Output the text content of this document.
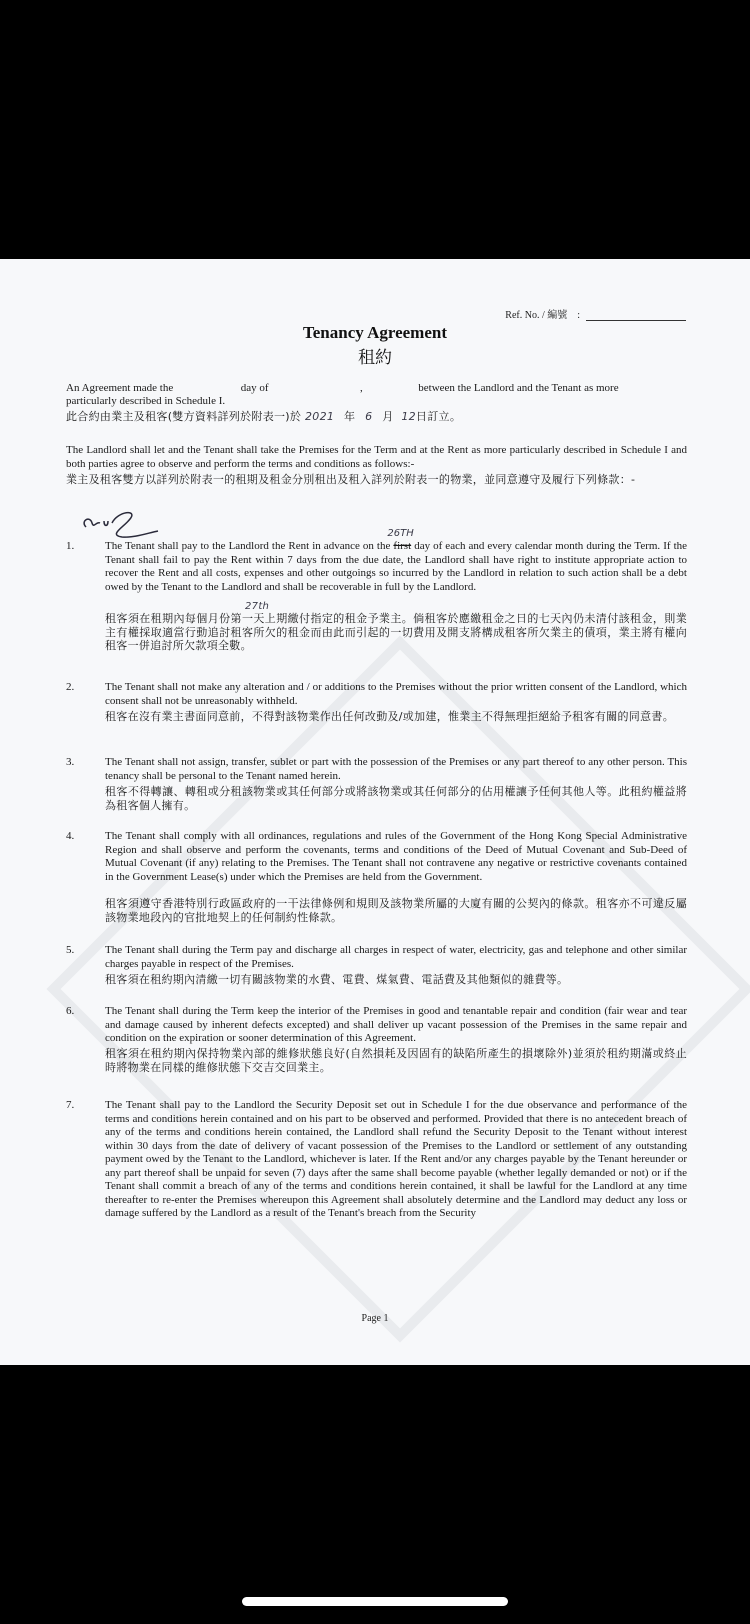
Ref. No. / 編號　:
Tenancy Agreement
租約
An Agreement made the	day of	,	between the Landlord and the Tenant as more
particularly described in Schedule I.
此合約由業主及租客(雙方資料詳列於附表一)於 2021 年 6 月 12日訂立。
The Landlord shall let and the Tenant shall take the Premises for the Term and at the Rent as more particularly described in Schedule I and both parties agree to observe and perform the terms and conditions as follows:-
業主及租客雙方以詳列於附表一的租期及租金分別租出及租入詳列於附表一的物業，並同意遵守及履行下列條款：-
1.	The Tenant shall pay to the Landlord the Rent in advance on the first
26TH
day of each and every calendar month during the Term. If the Tenant shall fail to pay the Rent within 7 days from the due date, the Landlord shall have right to institute appropriate action to recover the Rent and all costs, expenses and other outgoings so incurred by the Landlord in relation to such action shall be a debt owed by the Tenant to the Landlord and shall be recoverable in full by the Landlord.
27th
租客須在租期內每個月份第一天上期繳付指定的租金予業主。倘租客於應繳租金之日的七天內仍未清付該租金，則業主有權採取適當行動追討租客所欠的租金而由此而引起的一切費用及開支將構成租客所欠業主的債項，業主將有權向租客一併追討所欠款項全數。
2.	The Tenant shall not make any alteration and / or additions to the Premises without the prior written consent of the Landlord, which consent shall not be unreasonably withheld.
租客在沒有業主書面同意前，不得對該物業作出任何改動及/或加建，惟業主不得無理拒絕給予租客有關的同意書。
3.	The Tenant shall not assign, transfer, sublet or part with the possession of the Premises or any part thereof to any other person. This tenancy shall be personal to the Tenant named herein.
租客不得轉讓、轉租或分租該物業或其任何部分或將該物業或其任何部分的佔用權讓予任何其他人等。此租約權益將為租客個人擁有。
4.	The Tenant shall comply with all ordinances, regulations and rules of the Government of the Hong Kong Special Administrative Region and shall observe and perform the covenants, terms and conditions of the Deed of Mutual Covenant and Sub-Deed of Mutual Covenant (if any) relating to the Premises. The Tenant shall not contravene any negative or restrictive covenants contained in the Government Lease(s) under which the Premises are held from the Government.
租客須遵守香港特別行政區政府的一干法律條例和規則及該物業所屬的大廈有關的公契內的條款。租客亦不可違反屬該物業地段內的官批地契上的任何制約性條款。
5.	The Tenant shall during the Term pay and discharge all charges in respect of water, electricity, gas and telephone and other similar charges payable in respect of the Premises.
租客須在租約期內清繳一切有關該物業的水費、電費、煤氣費、電話費及其他類似的雜費等。
6.	The Tenant shall during the Term keep the interior of the Premises in good and tenantable repair and condition (fair wear and tear and damage caused by inherent defects excepted) and shall deliver up vacant possession of the Premises in the same repair and condition on the expiration or sooner determination of this Agreement.
租客須在租約期內保持物業內部的維修狀態良好(自然損耗及因固有的缺陷所產生的損壞除外)並須於租約期滿或終止時將物業在同樣的維修狀態下交吉交回業主。
7.	The Tenant shall pay to the Landlord the Security Deposit set out in Schedule I for the due observance and performance of the terms and conditions herein contained and on his part to be observed and performed. Provided that there is no antecedent breach of any of the terms and conditions herein contained, the Landlord shall refund the Security Deposit to the Tenant without interest within 30 days from the date of delivery of vacant possession of the Premises to the Landlord or settlement of any outstanding payment owed by the Tenant to the Landlord, whichever is later. If the Rent and/or any charges payable by the Tenant hereunder or any part thereof shall be unpaid for seven (7) days after the same shall become payable (whether legally demanded or not) or if the Tenant shall commit a breach of any of the terms and conditions herein contained, it shall be lawful for the Landlord at any time thereafter to re-enter the Premises whereupon this Agreement shall absolutely determine and the Landlord may deduct any loss or damage suffered by the Landlord as a result of the Tenant's breach from the Security
Page 1
